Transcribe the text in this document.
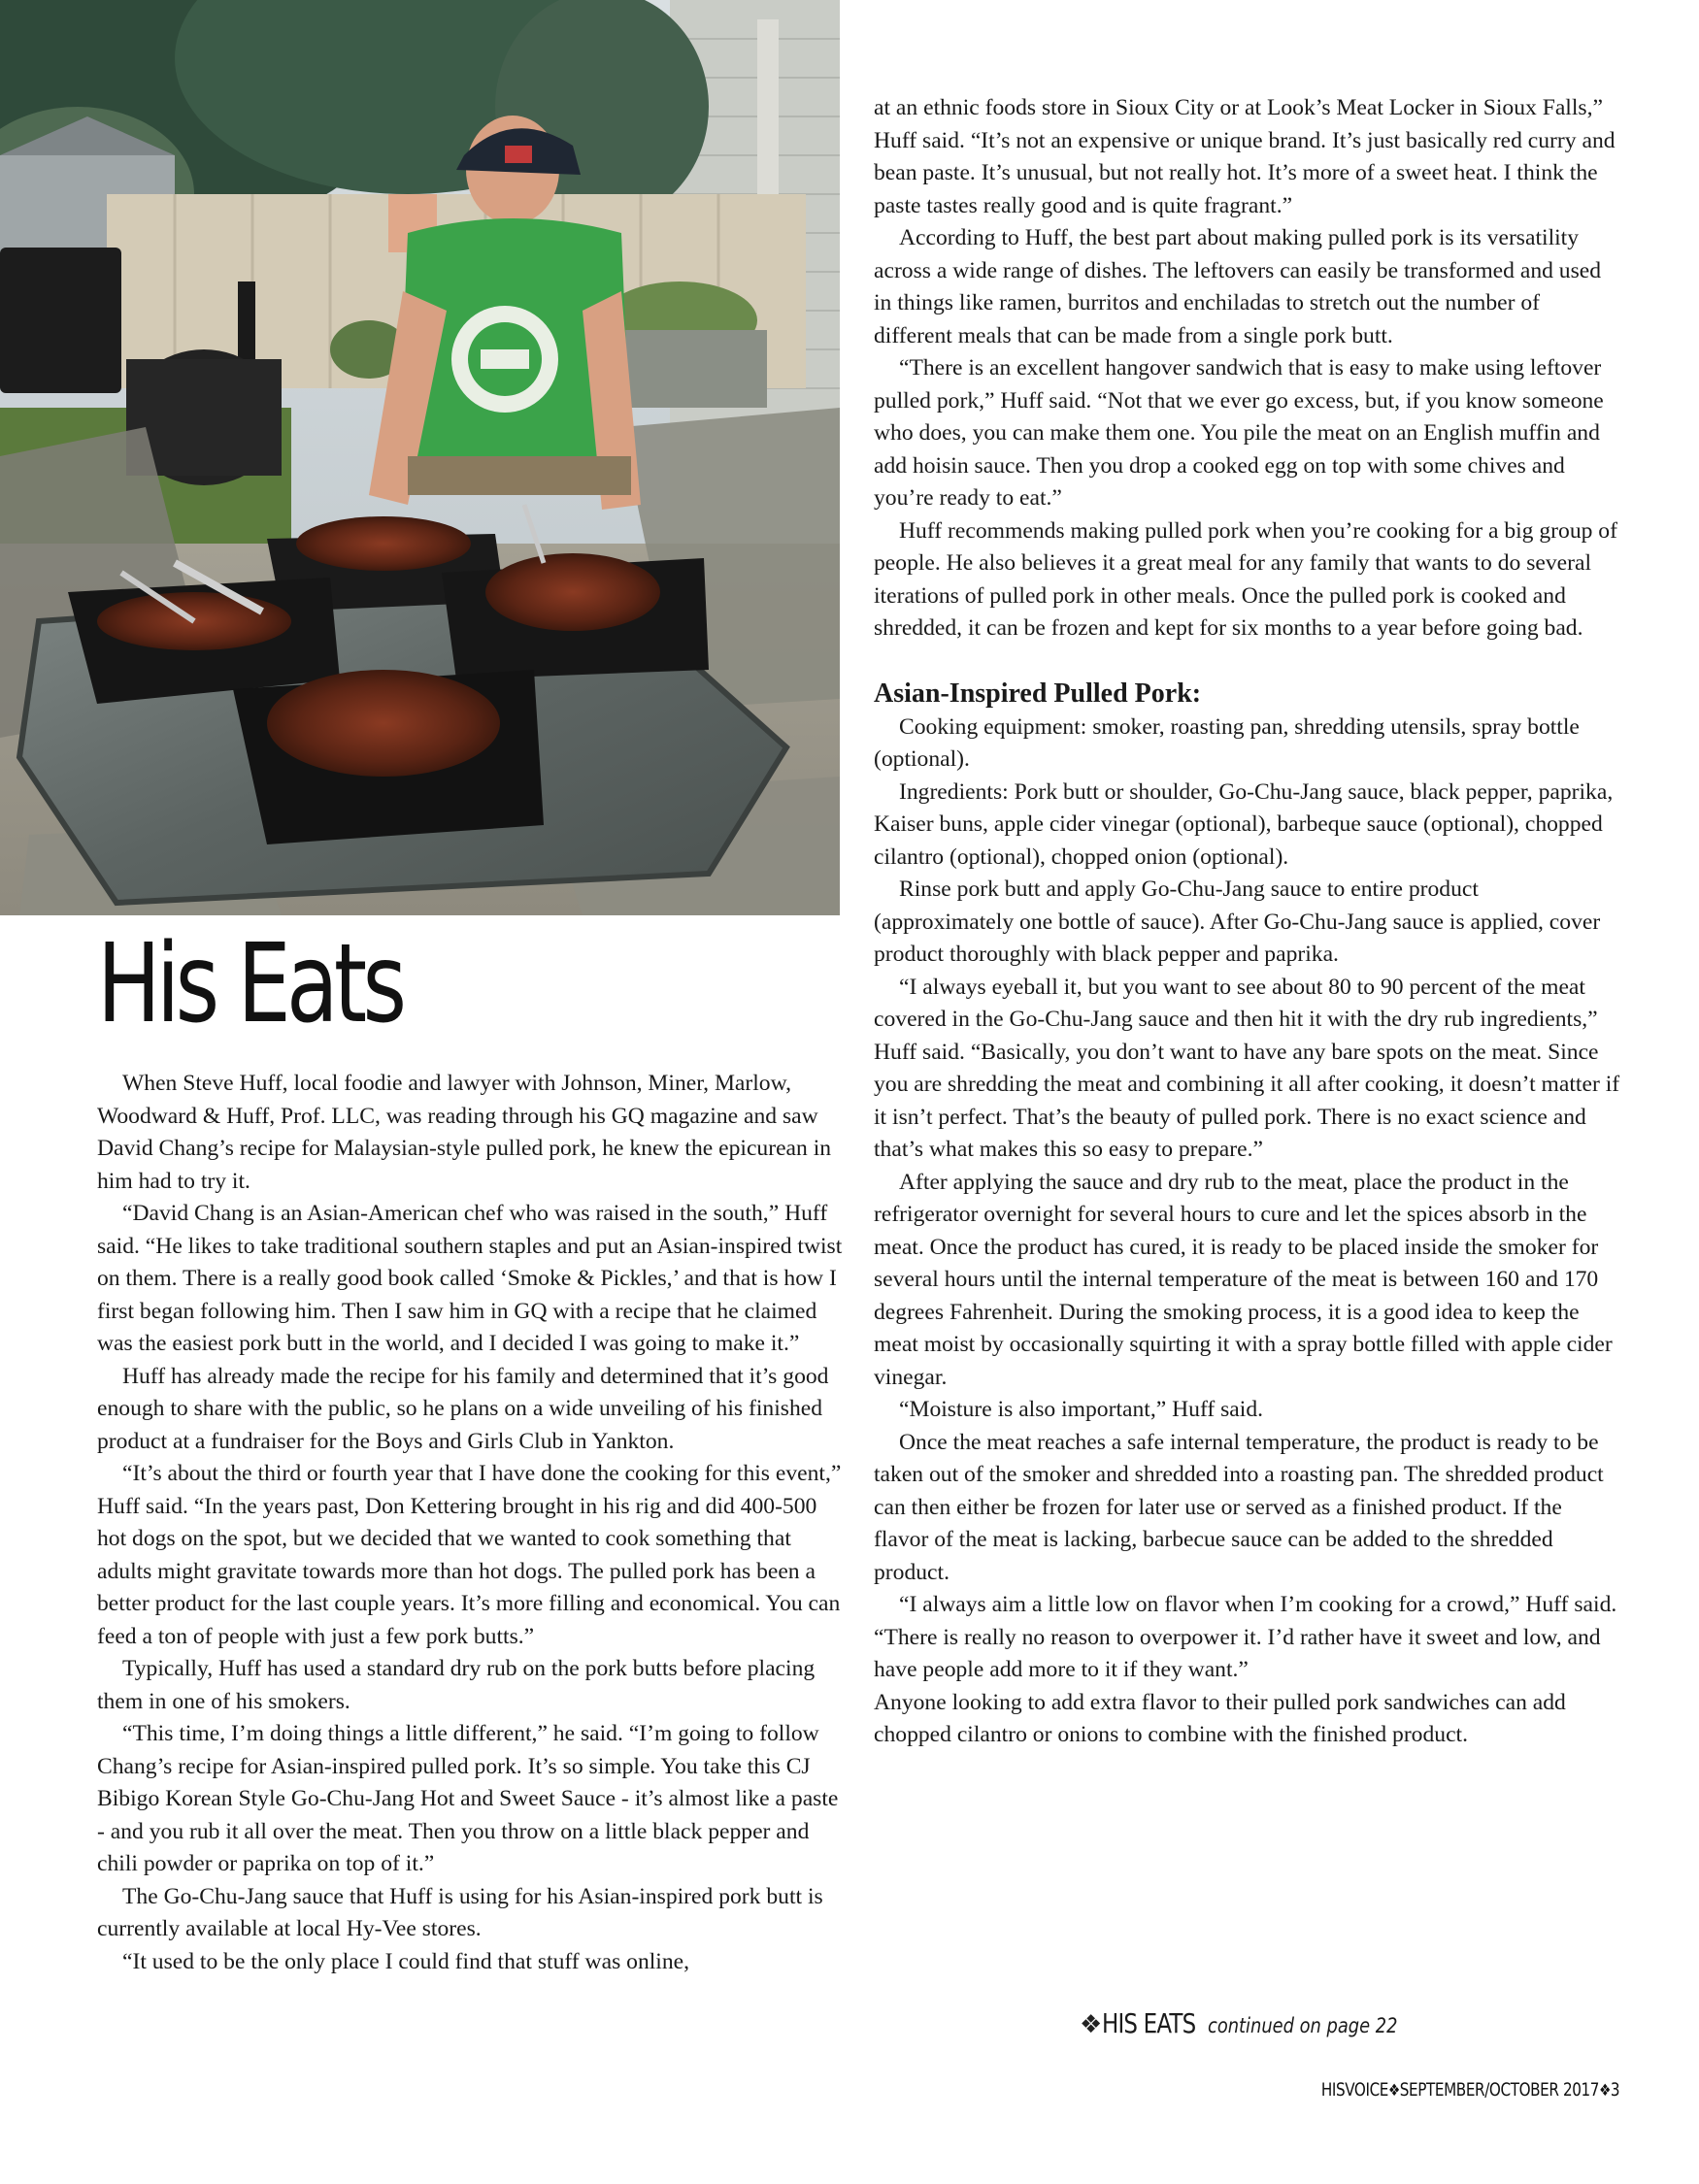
His Eats

When Steve Huff, local foodie and lawyer with Johnson, Miner, Marlow, Woodward & Huff, Prof. LLC, was reading through his GQ magazine and saw David Chang’s recipe for Malaysian-style pulled pork, he knew the epicurean in him had to try it.

“David Chang is an Asian-American chef who was raised in the south,” Huff said. “He likes to take traditional southern staples and put an Asian-inspired twist on them. There is a really good book called ‘Smoke & Pickles,’ and that is how I first began following him. Then I saw him in GQ with a recipe that he claimed was the easiest pork butt in the world, and I decided I was going to make it.”

Huff has already made the recipe for his family and determined that it’s good enough to share with the public, so he plans on a wide unveiling of his finished product at a fundraiser for the Boys and Girls Club in Yankton.

“It’s about the third or fourth year that I have done the cooking for this event,” Huff said. “In the years past, Don Kettering brought in his rig and did 400-500 hot dogs on the spot, but we decided that we wanted to cook something that adults might gravitate towards more than hot dogs. The pulled pork has been a better product for the last couple years. It’s more filling and economical. You can feed a ton of people with just a few pork butts.”

Typically, Huff has used a standard dry rub on the pork butts before placing them in one of his smokers.

“This time, I’m doing things a little different,” he said. “I’m going to follow Chang’s recipe for Asian-inspired pulled pork. It’s so simple. You take this CJ Bibigo Korean Style Go-Chu-Jang Hot and Sweet Sauce - it’s almost like a paste - and you rub it all over the meat. Then you throw on a little black pepper and chili powder or paprika on top of it.”

The Go-Chu-Jang sauce that Huff is using for his Asian-inspired pork butt is currently available at local Hy-Vee stores.

“It used to be the only place I could find that stuff was online,

at an ethnic foods store in Sioux City or at Look’s Meat Locker in Sioux Falls,” Huff said. “It’s not an expensive or unique brand. It’s just basically red curry and bean paste. It’s unusual, but not really hot. It’s more of a sweet heat. I think the paste tastes really good and is quite fragrant.”

According to Huff, the best part about making pulled pork is its versatility across a wide range of dishes. The leftovers can easily be transformed and used in things like ramen, burritos and enchiladas to stretch out the number of different meals that can be made from a single pork butt.

“There is an excellent hangover sandwich that is easy to make using leftover pulled pork,” Huff said. “Not that we ever go excess, but, if you know someone who does, you can make them one. You pile the meat on an English muffin and add hoisin sauce. Then you drop a cooked egg on top with some chives and you’re ready to eat.”

Huff recommends making pulled pork when you’re cooking for a big group of people. He also believes it a great meal for any family that wants to do several iterations of pulled pork in other meals. Once the pulled pork is cooked and shredded, it can be frozen and kept for six months to a year before going bad.

Asian-Inspired Pulled Pork:

Cooking equipment: smoker, roasting pan, shredding utensils, spray bottle (optional).

Ingredients: Pork butt or shoulder, Go-Chu-Jang sauce, black pepper, paprika, Kaiser buns, apple cider vinegar (optional), barbeque sauce (optional), chopped cilantro (optional), chopped onion (optional).

Rinse pork butt and apply Go-Chu-Jang sauce to entire product (approximately one bottle of sauce). After Go-Chu-Jang sauce is applied, cover product thoroughly with black pepper and paprika.

“I always eyeball it, but you want to see about 80 to 90 percent of the meat covered in the Go-Chu-Jang sauce and then hit it with the dry rub ingredients,” Huff said. “Basically, you don’t want to have any bare spots on the meat. Since you are shredding the meat and combining it all after cooking, it doesn’t matter if it isn’t perfect. That’s the beauty of pulled pork. There is no exact science and that’s what makes this so easy to prepare.”

After applying the sauce and dry rub to the meat, place the product in the refrigerator overnight for several hours to cure and let the spices absorb in the meat. Once the product has cured, it is ready to be placed inside the smoker for several hours until the internal temperature of the meat is between 160 and 170 degrees Fahrenheit. During the smoking process, it is a good idea to keep the meat moist by occasionally squirting it with a spray bottle filled with apple cider vinegar.

“Moisture is also important,” Huff said.

Once the meat reaches a safe internal temperature, the product is ready to be taken out of the smoker and shredded into a roasting pan. The shredded product can then either be frozen for later use or served as a finished product. If the flavor of the meat is lacking, barbecue sauce can be added to the shredded product.

“I always aim a little low on flavor when I’m cooking for a crowd,” Huff said. “There is really no reason to overpower it. I’d rather have it sweet and low, and have people add more to it if they want.”

Anyone looking to add extra flavor to their pulled pork sandwiches can add chopped cilantro or onions to combine with the finished product.

❖HIS EATS continued on page 22
HISVOICE❖SEPTEMBER/OCTOBER 2017❖3
